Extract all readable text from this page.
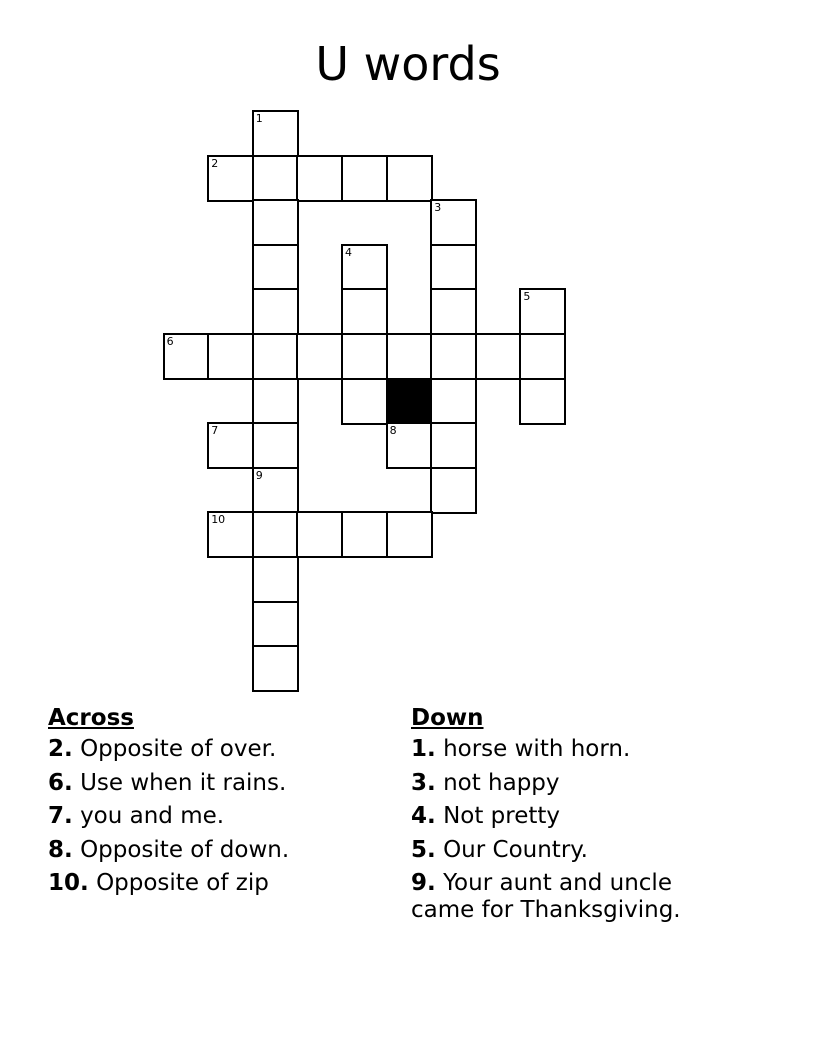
U words
1
2
3
4
5
6
7	8
9
10
Across

2. Opposite of over.

6. Use when it rains.

7. you and me.

8. Opposite of down.

10. Opposite of zip

Down

1. horse with horn.

3. not happy

4. Not pretty

5. Our Country.

9. Your aunt and uncle came for Thanksgiving.
